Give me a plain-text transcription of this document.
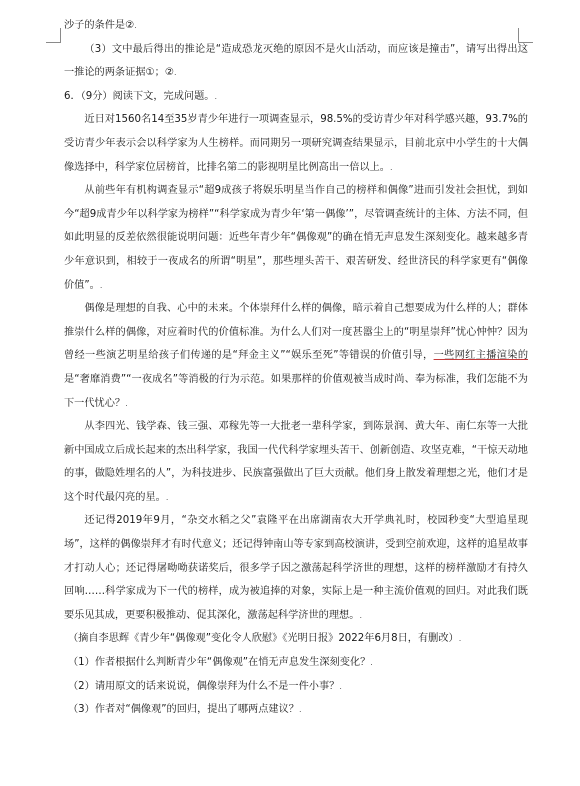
沙子的条件是②.

（3）文中最后得出的推论是“造成恐龙灭绝的原因不是火山活动，而应该是撞击”，请写出得出这一推论的两条证据①；②.

6．（9分）阅读下文，完成问题。.

近日对1560名14至35岁青少年进行一项调查显示，98.5%的受访青少年对科学感兴趣，93.7%的受访青少年表示会以科学家为人生榜样。而同期另一项研究调查结果显示，目前北京中小学生的十大偶像选择中，科学家位居榜首，比排名第二的影视明星比例高出一倍以上。.

从前些年有机构调查显示“超9成孩子将娱乐明星当作自己的榜样和偶像”进而引发社会担忧，到如今“超9成青少年以科学家为榜样”“科学家成为青少年‘第一偶像’”，尽管调查统计的主体、方法不同，但如此明显的反差依然很能说明问题：近些年青少年“偶像观”的确在悄无声息发生深刻变化。越来越多青少年意识到，相较于一夜成名的所谓“明星”，那些埋头苦干、艰苦研发、经世济民的科学家更有“偶像价值”。.

偶像是理想的自我、心中的未来。个体崇拜什么样的偶像，暗示着自己想要成为什么样的人；群体推崇什么样的偶像，对应着时代的价值标准。为什么人们对一度甚嚣尘上的“明星崇拜”忧心忡忡？因为曾经一些演艺明星给孩子们传递的是“拜金主义”“娱乐至死”等错误的价值引导，一些网红主播渲染的是“奢靡消费”“一夜成名”等消极的行为示范。如果那样的价值观被当成时尚、奉为标准，我们怎能不为下一代忧心？.

从李四光、钱学森、钱三强、邓稼先等一大批老一辈科学家，到陈景润、黄大年、南仁东等一大批新中国成立后成长起来的杰出科学家，我国一代代科学家埋头苦干、创新创造、攻坚克难，“干惊天动地的事，做隐姓埋名的人”，为科技进步、民族富强做出了巨大贡献。他们身上散发着理想之光，他们才是这个时代最闪亮的星。.

还记得2019年9月，“杂交水稻之父”袁隆平在出席湖南农大开学典礼时，校园秒变“大型追星现场”，这样的偶像崇拜才有时代意义；还记得钟南山等专家到高校演讲，受到空前欢迎，这样的追星故事才打动人心；还记得屠呦呦获诺奖后，很多学子因之激荡起科学济世的理想，这样的榜样激励才有持久回响……科学家成为下一代的榜样，成为被追捧的对象，实际上是一种主流价值观的回归。对此我们既要乐见其成，更要积极推动、促其深化，激荡起科学济世的理想。.

（摘自李思辉《青少年“偶像观”变化令人欣慰》《光明日报》2022年6月8日，有删改）.

（1）作者根据什么判断青少年“偶像观”在悄无声息发生深刻变化？.

（2）请用原文的话来说说，偶像崇拜为什么不是一件小事？.

（3）作者对“偶像观”的回归，提出了哪两点建议？.
